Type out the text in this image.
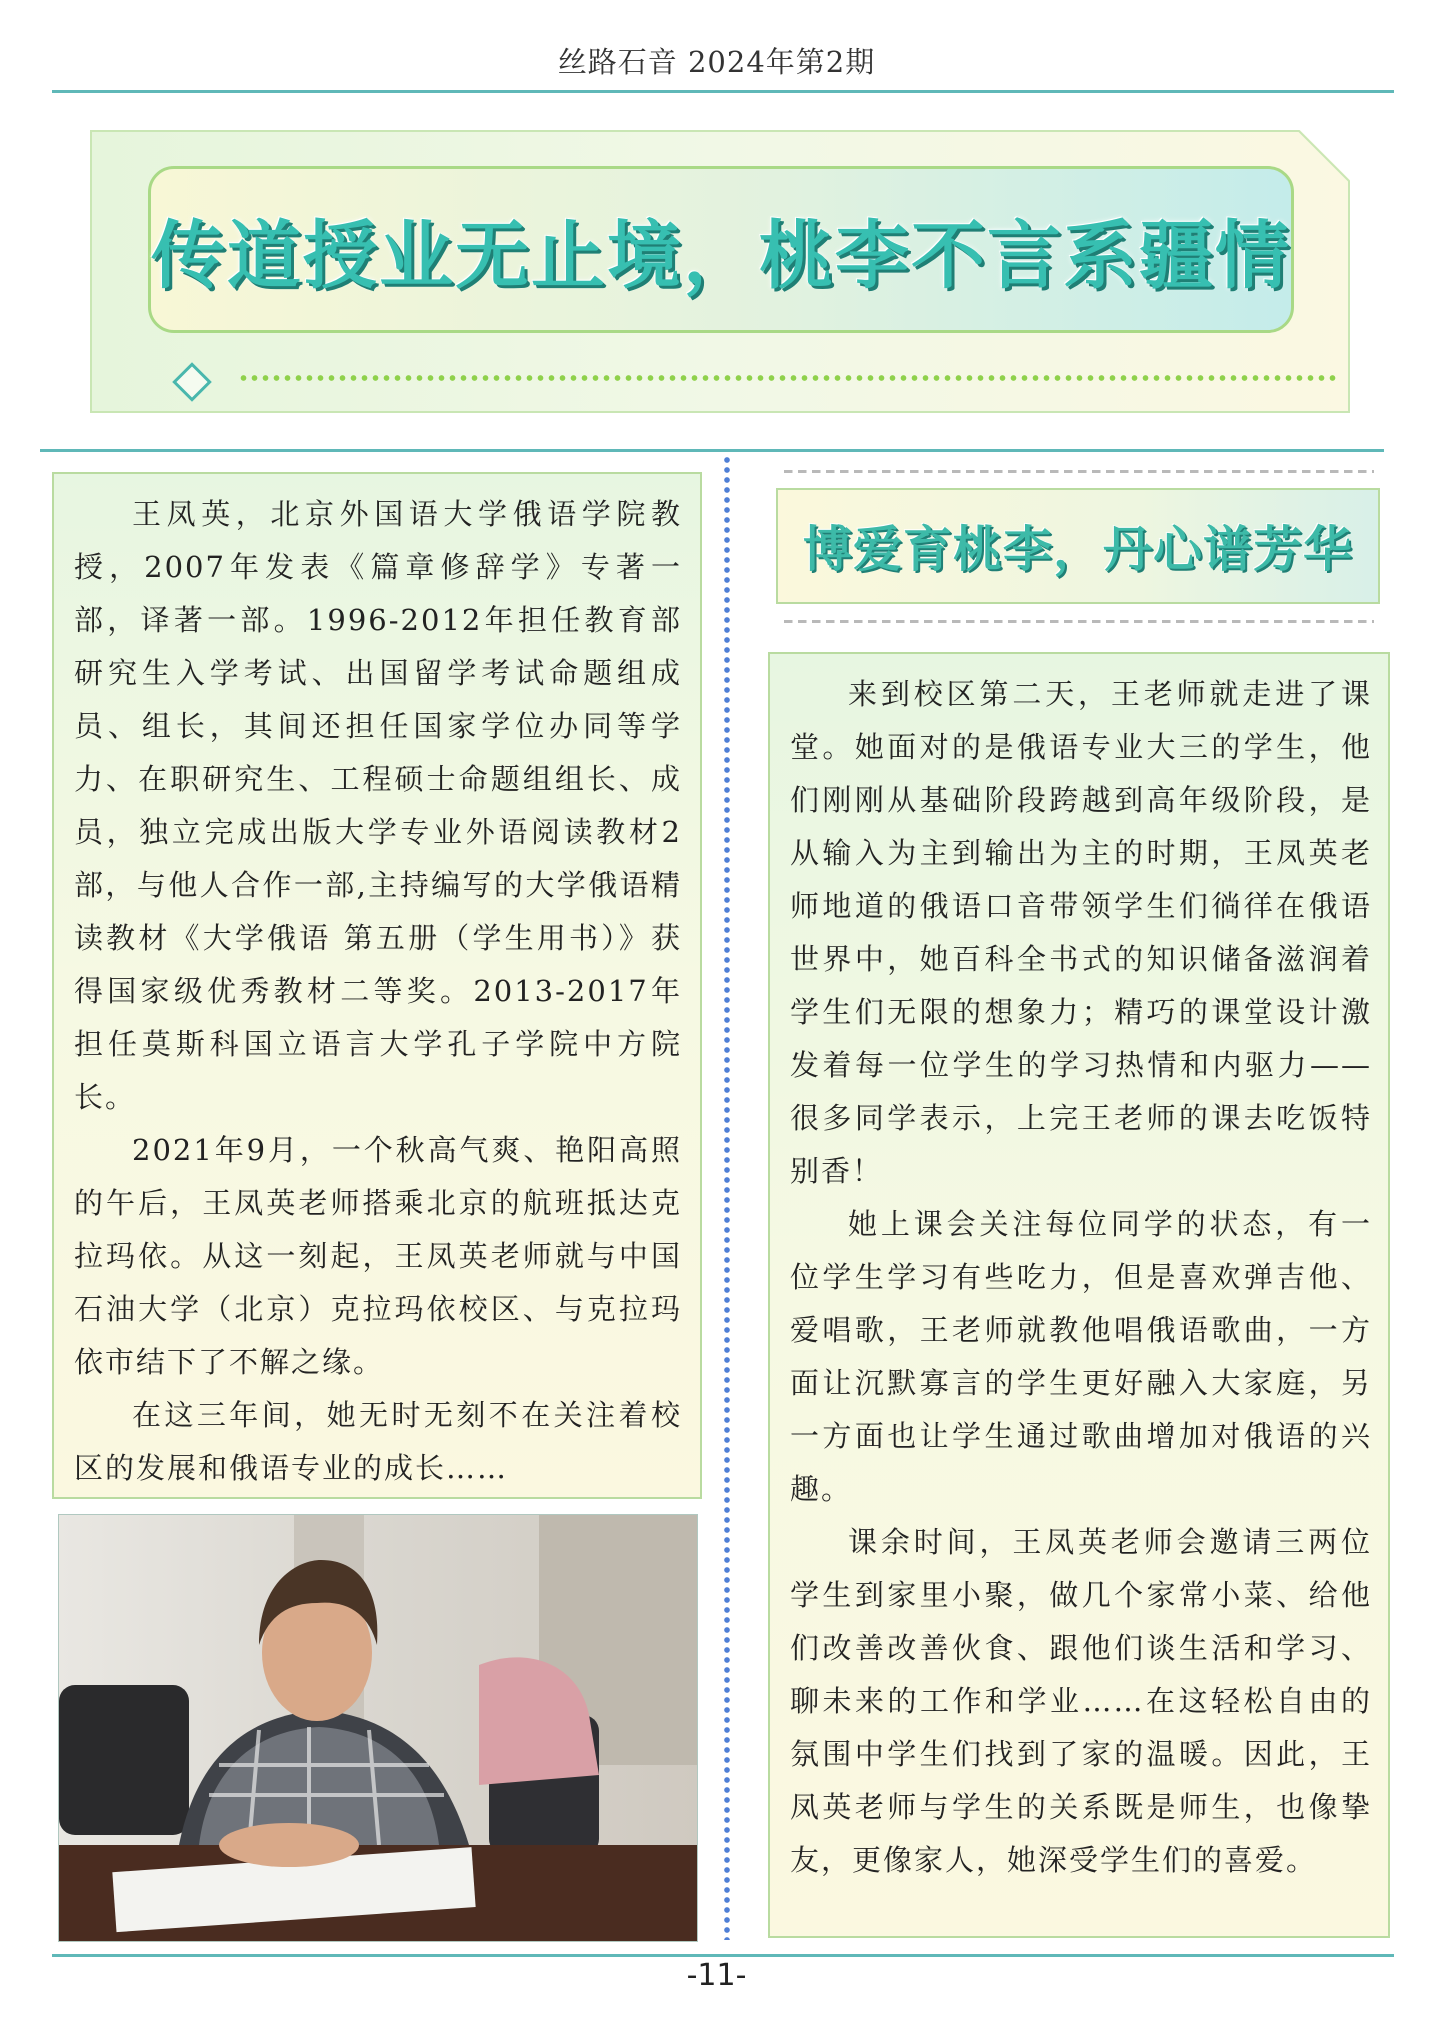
丝路石音 2024年第2期
传道授业无止境，桃李不言系疆情

王凤英，北京外国语大学俄语学院教授，2007年发表《篇章修辞学》专著一部，译著一部。1996-2012年担任教育部研究生入学考试、出国留学考试命题组成员、组长，其间还担任国家学位办同等学力、在职研究生、工程硕士命题组组长、成员，独立完成出版大学专业外语阅读教材2部，与他人合作一部,主持编写的大学俄语精读教材《大学俄语 第五册（学生用书）》获得国家级优秀教材二等奖。2013-2017年担任莫斯科国立语言大学孔子学院中方院长。

2021年9月，一个秋高气爽、艳阳高照的午后，王凤英老师搭乘北京的航班抵达克拉玛依。从这一刻起，王凤英老师就与中国石油大学（北京）克拉玛依校区、与克拉玛依市结下了不解之缘。

在这三年间，她无时无刻不在关注着校区的发展和俄语专业的成长……

博爱育桃李，丹心谱芳华

来到校区第二天，王老师就走进了课堂。她面对的是俄语专业大三的学生，他们刚刚从基础阶段跨越到高年级阶段，是从输入为主到输出为主的时期，王凤英老师地道的俄语口音带领学生们徜徉在俄语世界中，她百科全书式的知识储备滋润着学生们无限的想象力；精巧的课堂设计激发着每一位学生的学习热情和内驱力——很多同学表示，上完王老师的课去吃饭特别香！

她上课会关注每位同学的状态，有一位学生学习有些吃力，但是喜欢弹吉他、爱唱歌，王老师就教他唱俄语歌曲，一方面让沉默寡言的学生更好融入大家庭，另一方面也让学生通过歌曲增加对俄语的兴趣。

课余时间，王凤英老师会邀请三两位学生到家里小聚，做几个家常小菜、给他们改善改善伙食、跟他们谈生活和学习、聊未来的工作和学业……在这轻松自由的氛围中学生们找到了家的温暖。因此，王凤英老师与学生的关系既是师生，也像挚友，更像家人，她深受学生们的喜爱。

-11-
